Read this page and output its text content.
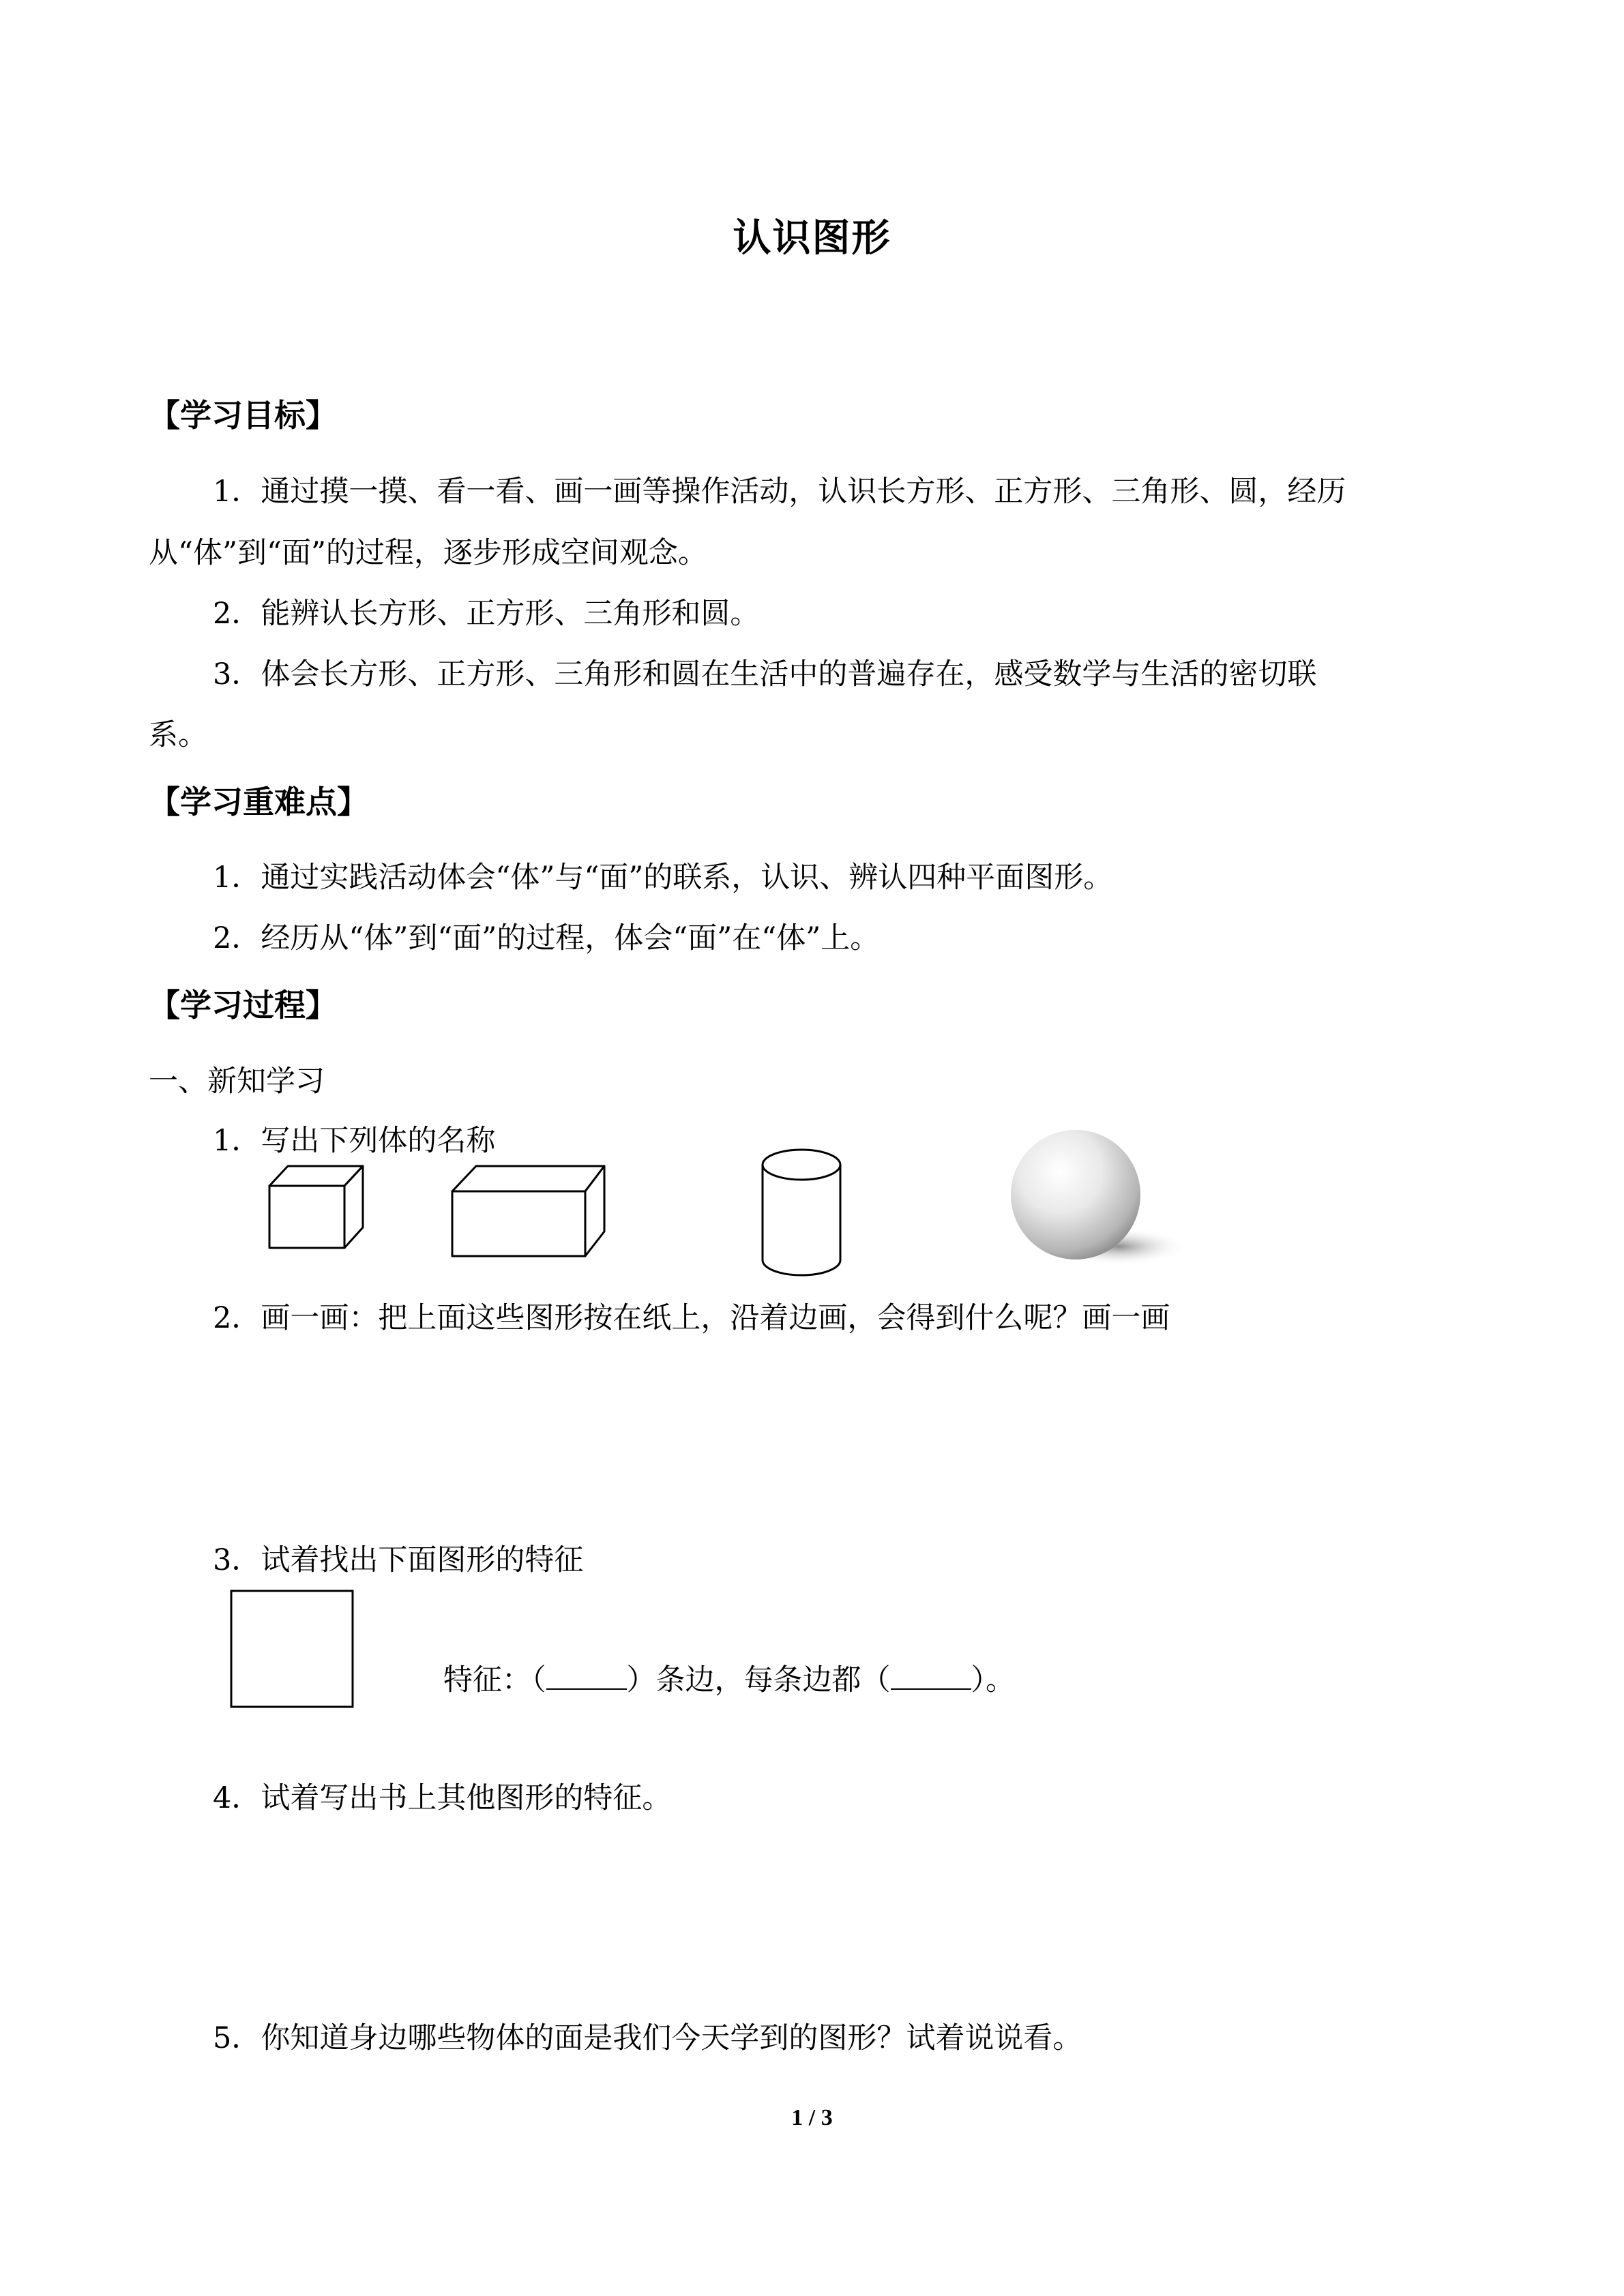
认识图形
【学习目标】
1．通过摸一摸、看一看、画一画等操作活动，认识长方形、正方形、三角形、圆，经历
从“体”到“面”的过程，逐步形成空间观念。
2．能辨认长方形、正方形、三角形和圆。
3．体会长方形、正方形、三角形和圆在生活中的普遍存在，感受数学与生活的密切联
系。
【学习重难点】
1．通过实践活动体会“体”与“面”的联系，认识、辨认四种平面图形。
2．经历从“体”到“面”的过程，体会“面”在“体”上。
【学习过程】
一、新知学习
1．写出下列体的名称
2．画一画：把上面这些图形按在纸上，沿着边画，会得到什么呢？画一画
3．试着找出下面图形的特征
特征：（	）条边，每条边都（	）。
4．试着写出书上其他图形的特征。
5．你知道身边哪些物体的面是我们今天学到的图形？试着说说看。
1 / 3
